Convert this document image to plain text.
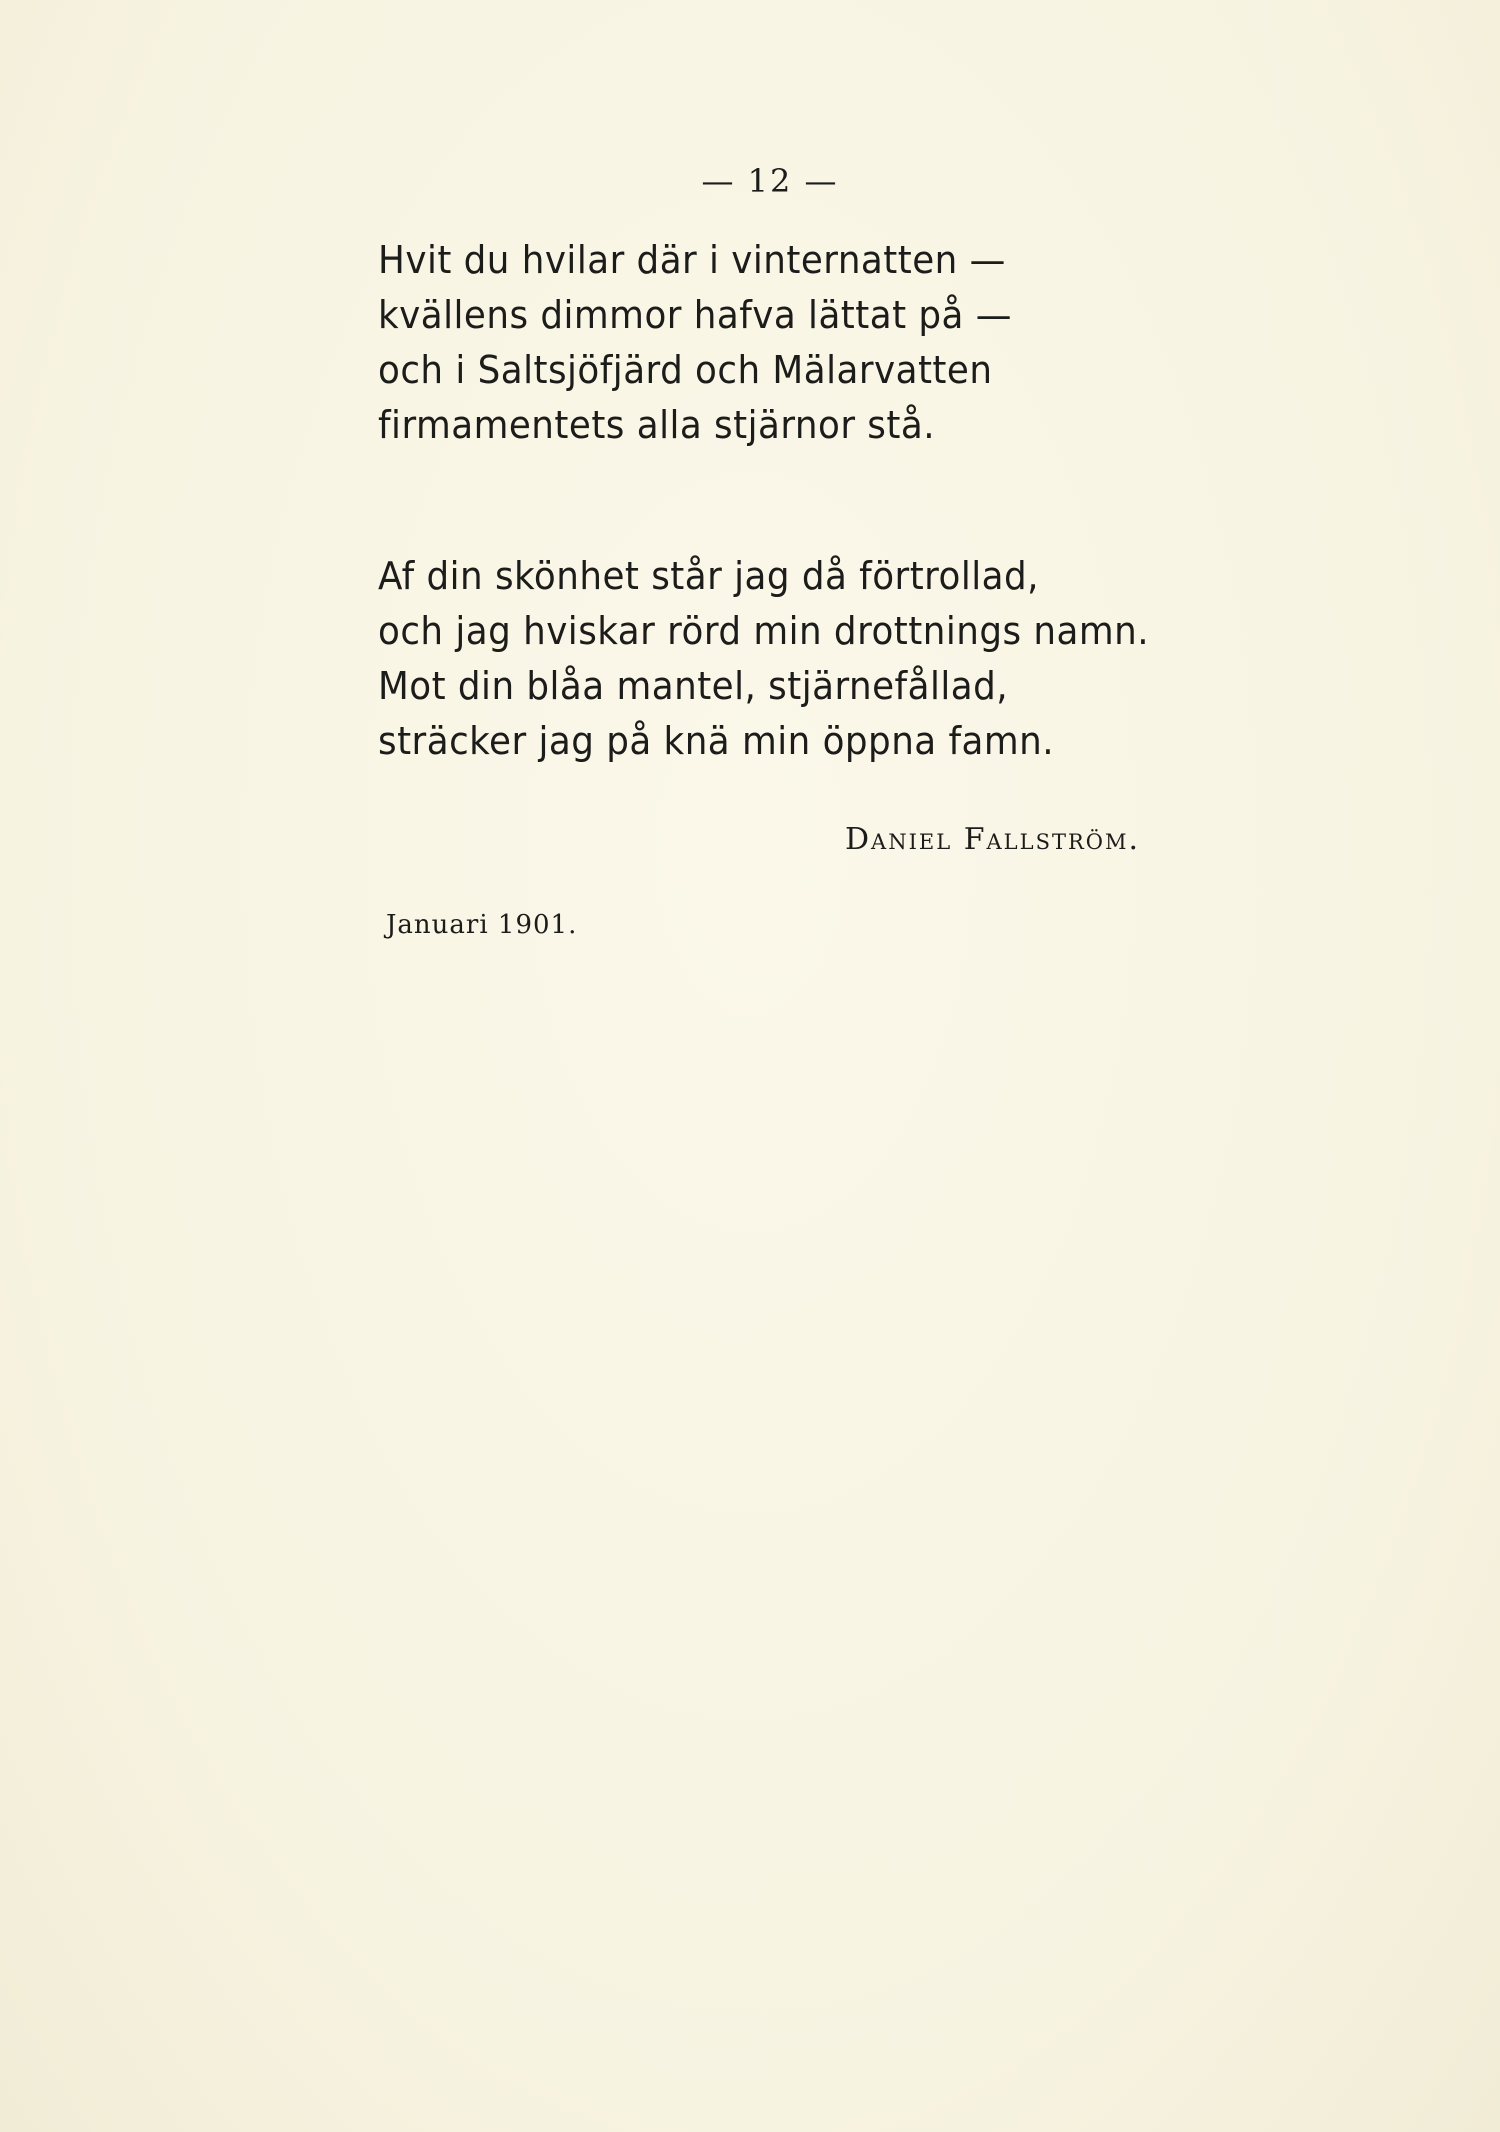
— 12 —
Hvit du hvilar där i vinternatten —
kvällens dimmor hafva lättat på —
och i Saltsjöfjärd och Mälarvatten
firmamentets alla stjärnor stå.
Af din skönhet står jag då förtrollad,
och jag hviskar rörd min drottnings namn.
Mot din blåa mantel, stjärnefållad,
sträcker jag på knä min öppna famn.
Daniel Fallström.
Januari 1901.
